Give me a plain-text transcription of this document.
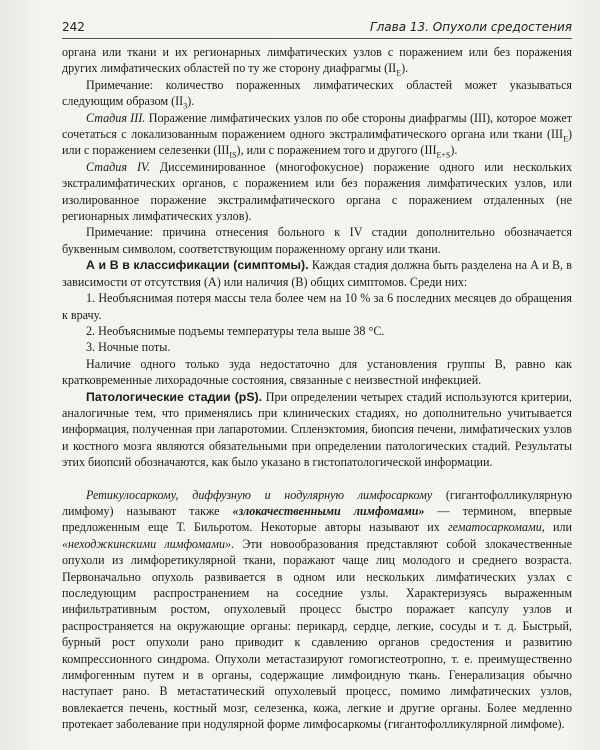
242	Глава 13. Опухоли средостения

органа или ткани и их регионарных лимфатических узлов с поражением или без поражения других лимфатических областей по ту же сторону диафрагмы $(II_E)$.

Примечание: количество пораженных лимфатических областей может указываться следующим образом $(II_3)$.

Стадия III. Поражение лимфатических узлов по обе стороны диафрагмы (III), которое может сочетаться с локализованным поражением одного экстралимфатического органа или ткани $(III_E)$ или с поражением селезенки $(III_{IS})$, или с поражением того и другого $(III_{E+S})$.

Стадия IV. Диссеминированное (многофокусное) поражение одного или нескольких экстралимфатических органов, с поражением или без поражения лимфатических узлов, или изолированное поражение экстралимфатического органа с поражением отдаленных (не регионарных лимфатических узлов).

Примечание: причина отнесения больного к IV стадии дополнительно обозначается буквенным символом, соответствующим пораженному органу или ткани.

А и В в классификации (симптомы). Каждая стадия должна быть разделена на А и В, в зависимости от отсутствия (А) или наличия (В) общих симптомов. Среди них:

1. Необъяснимая потеря массы тела более чем на 10 % за 6 последних месяцев до обращения к врачу.

2. Необъяснимые подъемы температуры тела выше 38 °С.

3. Ночные поты.

Наличие одного только зуда недостаточно для установления группы В, равно как кратковременные лихорадочные состояния, связанные с неизвестной инфекцией.

Патологические стадии (pS). При определении четырех стадий используются критерии, аналогичные тем, что применялись при клинических стадиях, но дополнительно учитывается информация, полученная при лапаротомии. Спленэктомия, биопсия печени, лимфатических узлов и костного мозга являются обязательными при определении патологических стадий. Результаты этих биопсий обозначаются, как было указано в гистопатологической информации.

Ретикулосаркому, диффузную и нодулярную лимфосаркому (гигантофолликулярную лимфому) называют также «злокачественными лимфомами» — термином, впервые предложенным еще Т. Бильротом. Некоторые авторы называют их гематосаркомами, или «неходжкинскими лимфомами». Эти новообразования представляют собой злокачественные опухоли из лимфоретикулярной ткани, поражают чаще лиц молодого и среднего возраста. Первоначально опухоль развивается в одном или нескольких лимфатических узлах с последующим распространением на соседние узлы. Характеризуясь выраженным инфильтративным ростом, опухолевый процесс быстро поражает капсулу узлов и распространяется на окружающие органы: перикард, сердце, легкие, сосуды и т. д. Быстрый, бурный рост опухоли рано приводит к сдавлению органов средостения и развитию компрессионного синдрома. Опухоли метастазируют гомогистеотропно, т. е. преимущественно лимфогенным путем и в органы, содержащие лимфоидную ткань. Генерализация обычно наступает рано. В метастатический опухолевый процесс, помимо лимфатических узлов, вовлекается печень, костный мозг, селезенка, кожа, легкие и другие органы. Более медленно протекает заболевание при нодулярной форме лимфосаркомы (гигантофолликулярной лимфоме).
